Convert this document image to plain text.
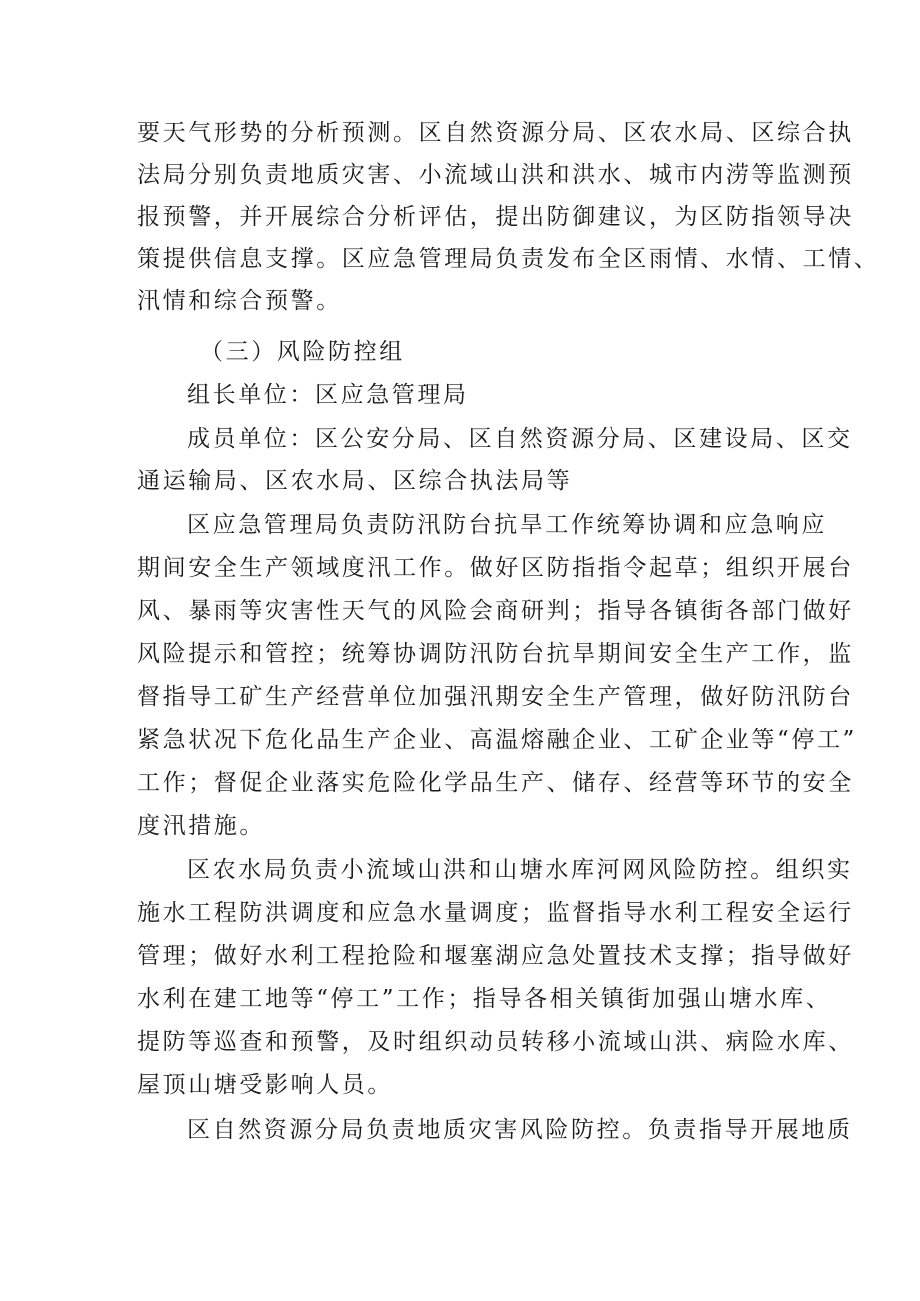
要天气形势的分析预测。区自然资源分局、区农水局、区综合执
法局分别负责地质灾害、小流域山洪和洪水、城市内涝等监测预
报预警，并开展综合分析评估，提出防御建议，为区防指领导决
策提供信息支撑。区应急管理局负责发布全区雨情、水情、工情、
汛情和综合预警。
（三）风险防控组
组长单位：区应急管理局
成员单位：区公安分局、区自然资源分局、区建设局、区交
通运输局、区农水局、区综合执法局等
区应急管理局负责防汛防台抗旱工作统筹协调和应急响应
期间安全生产领域度汛工作。做好区防指指令起草；组织开展台
风、暴雨等灾害性天气的风险会商研判；指导各镇街各部门做好
风险提示和管控；统筹协调防汛防台抗旱期间安全生产工作，监
督指导工矿生产经营单位加强汛期安全生产管理，做好防汛防台
紧急状况下危化品生产企业、高温熔融企业、工矿企业等“停工”
工作；督促企业落实危险化学品生产、储存、经营等环节的安全
度汛措施。
区农水局负责小流域山洪和山塘水库河网风险防控。组织实
施水工程防洪调度和应急水量调度；监督指导水利工程安全运行
管理；做好水利工程抢险和堰塞湖应急处置技术支撑；指导做好
水利在建工地等“停工”工作；指导各相关镇街加强山塘水库、
提防等巡查和预警，及时组织动员转移小流域山洪、病险水库、
屋顶山塘受影响人员。
区自然资源分局负责地质灾害风险防控。负责指导开展地质
